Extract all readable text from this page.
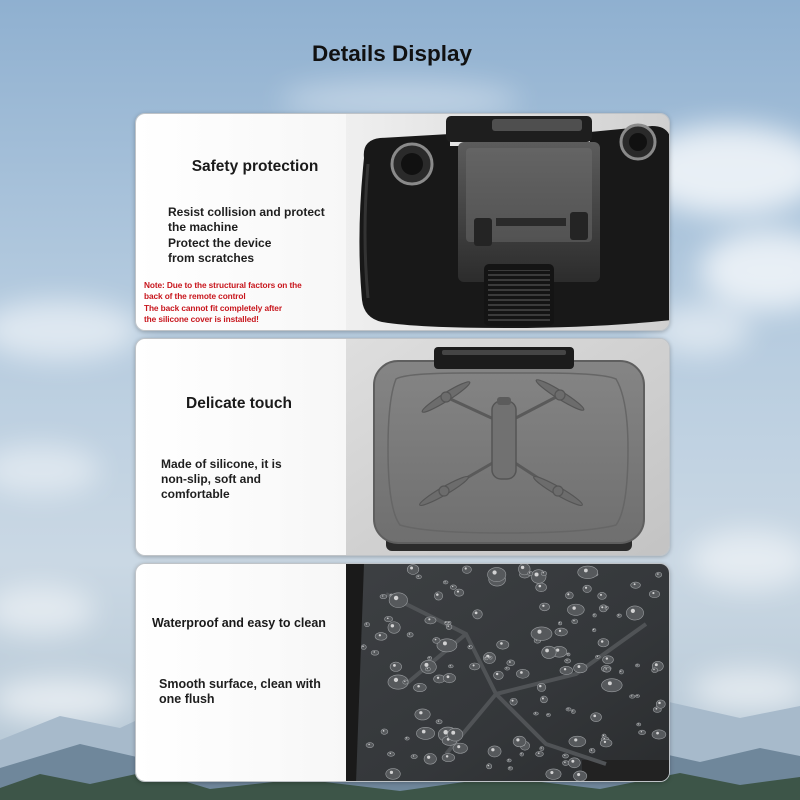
Details Display
Safety protection
Resist collision and protect
the machine
Protect the device
from scratches
Note: Due to the structural factors on the
back of the remote control
The back cannot fit completely after
the silicone cover is installed!
Delicate touch
Made of silicone, it is
non-slip, soft and
comfortable
Waterproof and easy to clean
Smooth surface, clean with
one flush
